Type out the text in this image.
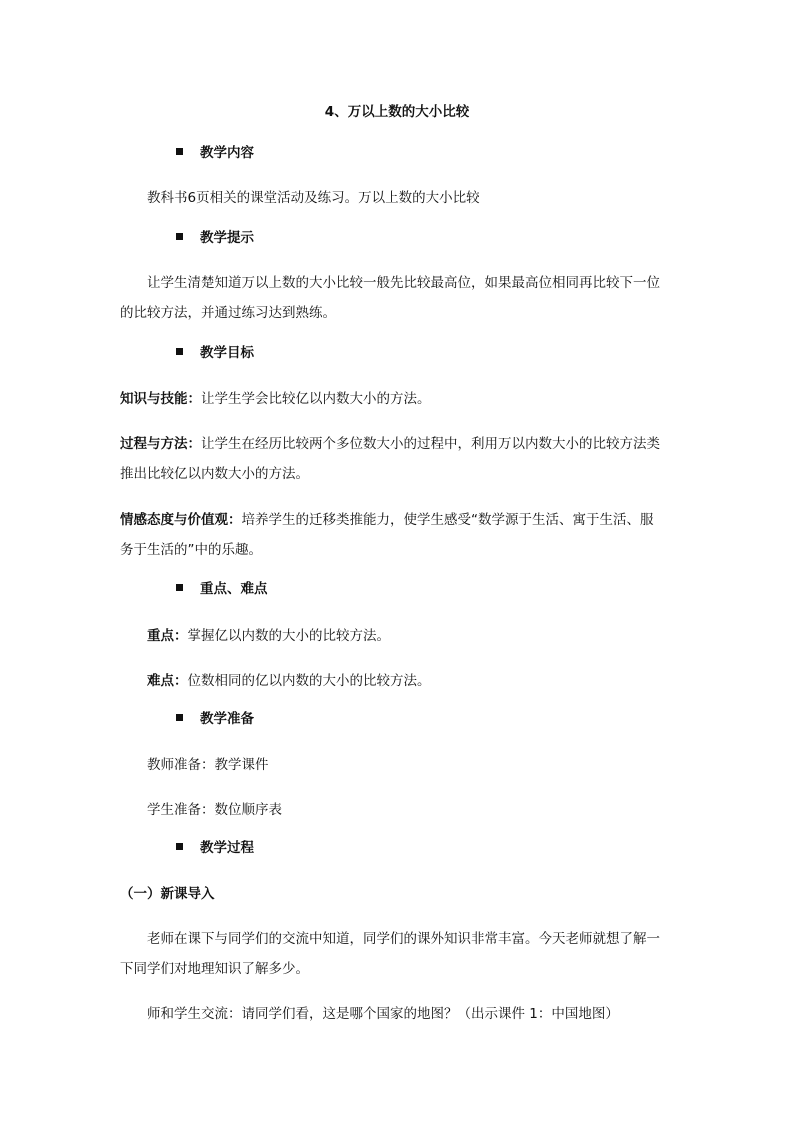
4、万以上数的大小比较
教学内容
教科书6页相关的课堂活动及练习。万以上数的大小比较
教学提示
让学生清楚知道万以上数的大小比较一般先比较最高位，如果最高位相同再比较下一位
的比较方法，并通过练习达到熟练。
教学目标
知识与技能：让学生学会比较亿以内数大小的方法。
过程与方法：让学生在经历比较两个多位数大小的过程中，利用万以内数大小的比较方法类
推出比较亿以内数大小的方法。
情感态度与价值观：培养学生的迁移类推能力，使学生感受“数学源于生活、寓于生活、服
务于生活的”中的乐趣。
重点、难点
重点：掌握亿以内数的大小的比较方法。
难点：位数相同的亿以内数的大小的比较方法。
教学准备
教师准备：教学课件
学生准备：数位顺序表
教学过程
（一）新课导入
老师在课下与同学们的交流中知道，同学们的课外知识非常丰富。今天老师就想了解一
下同学们对地理知识了解多少。
师和学生交流：请同学们看，这是哪个国家的地图？（出示课件 1：中国地图）
